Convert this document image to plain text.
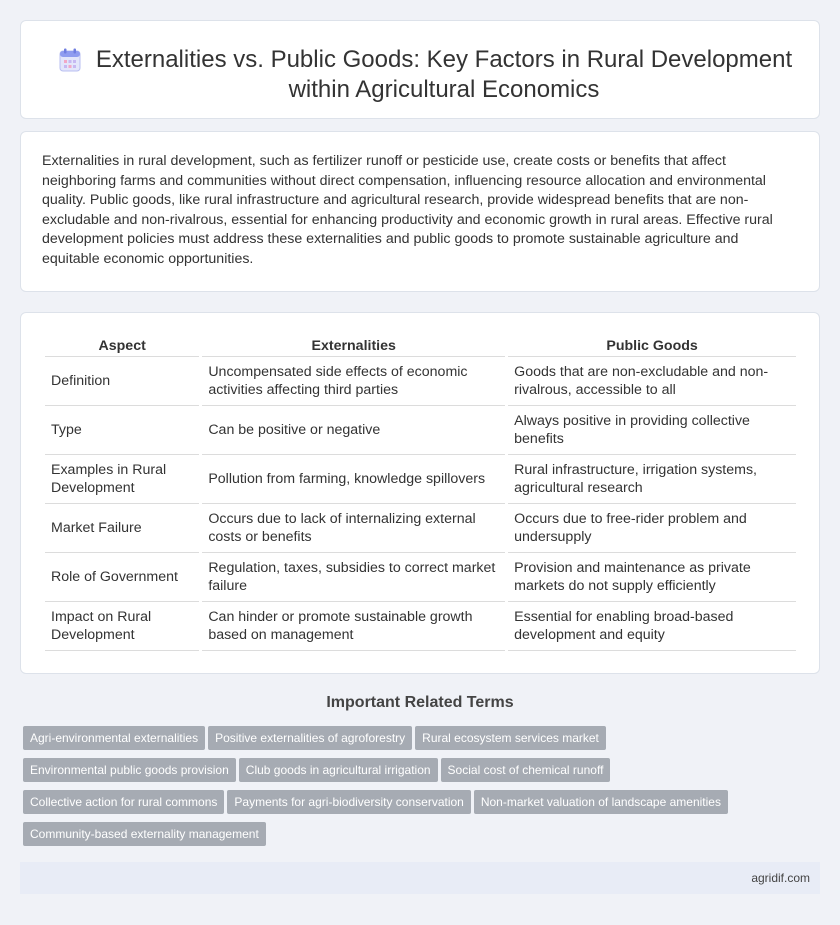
Externalities vs. Public Goods: Key Factors in Rural Development within Agricultural Economics

Externalities in rural development, such as fertilizer runoff or pesticide use, create costs or benefits that affect neighboring farms and communities without direct compensation, influencing resource allocation and environmental quality. Public goods, like rural infrastructure and agricultural research, provide widespread benefits that are non-excludable and non-rivalrous, essential for enhancing productivity and economic growth in rural areas. Effective rural development policies must address these externalities and public goods to promote sustainable agriculture and equitable economic opportunities.

Aspect	Externalities	Public Goods
Definition	Uncompensated side effects of economic activities affecting third parties	Goods that are non-excludable and non-rivalrous, accessible to all
Type	Can be positive or negative	Always positive in providing collective benefits
Examples in Rural Development	Pollution from farming, knowledge spillovers	Rural infrastructure, irrigation systems, agricultural research
Market Failure	Occurs due to lack of internalizing external costs or benefits	Occurs due to free-rider problem and undersupply
Role of Government	Regulation, taxes, subsidies to correct market failure	Provision and maintenance as private markets do not supply efficiently
Impact on Rural Development	Can hinder or promote sustainable growth based on management	Essential for enabling broad-based development and equity
Important Related Terms
Agri-environmental externalities Positive externalities of agroforestry Rural ecosystem services market
Environmental public goods provision Club goods in agricultural irrigation Social cost of chemical runoff
Collective action for rural commons Payments for agri-biodiversity conservation Non-market valuation of landscape amenities
Community-based externality management
agridif.com
